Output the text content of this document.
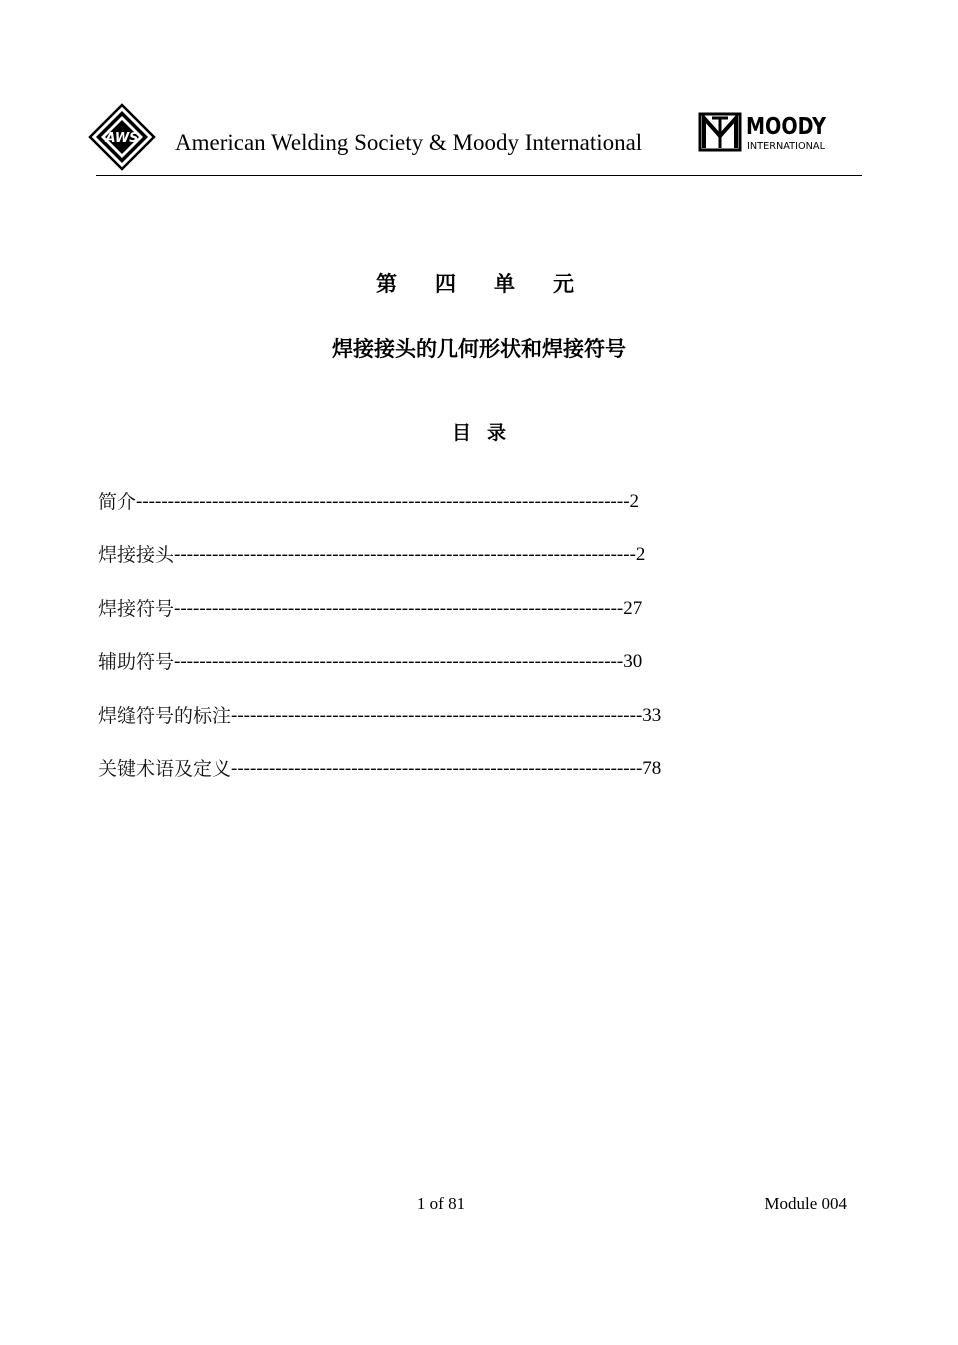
AWS American Welding Society & Moody International
MOODY
INTERNATIONAL
第四单元
焊接接头的几何形状和焊接符号
目录
简介 ------------------------------------------------------------------------------ 2
焊接接头 ------------------------------------------------------------------------- 2
焊接符号 ----------------------------------------------------------------------- 27
辅助符号 ----------------------------------------------------------------------- 30
焊缝符号的标注 ----------------------------------------------------------------- 33
关键术语及定义 ----------------------------------------------------------------- 78
1 of 81	Module 004
